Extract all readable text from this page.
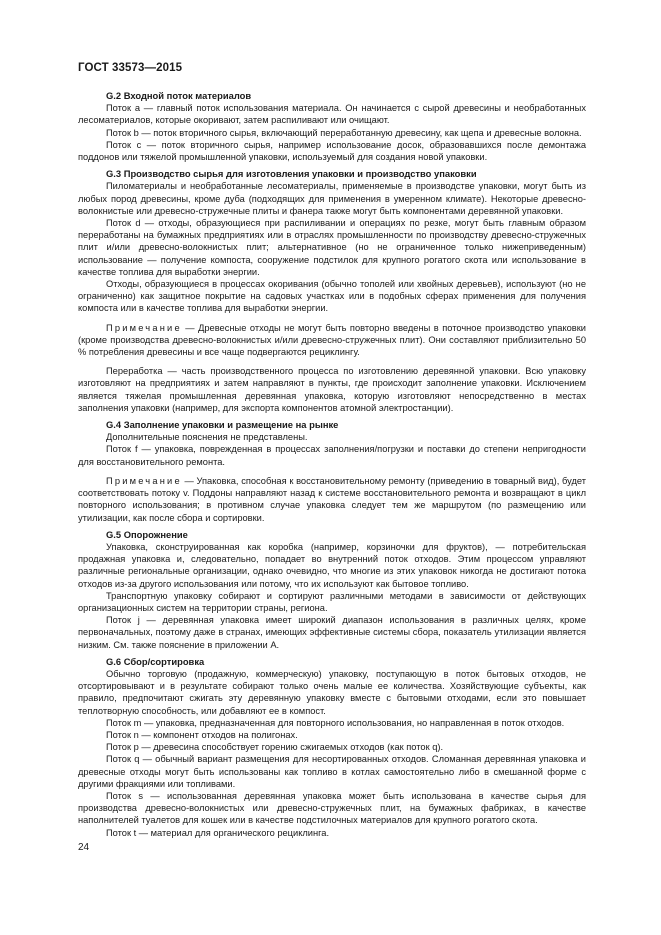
ГОСТ 33573—2015
G.2 Входной поток материалов

Поток a — главный поток использования материала. Он начинается с сырой древесины и необработанных лесоматериалов, которые окоривают, затем распиливают или очищают.

Поток b — поток вторичного сырья, включающий переработанную древесину, как щепа и древесные волокна.

Поток c — поток вторичного сырья, например использование досок, образовавшихся после демонтажа поддонов или тяжелой промышленной упаковки, используемый для создания новой упаковки.

G.3 Производство сырья для изготовления упаковки и производство упаковки

Пиломатериалы и необработанные лесоматериалы, применяемые в производстве упаковки, могут быть из любых пород древесины, кроме дуба (подходящих для применения в умеренном климате). Некоторые древесно-волокнистые или древесно-стружечные плиты и фанера также могут быть компонентами деревянной упаковки.

Поток d — отходы, образующиеся при распиливании и операциях по резке, могут быть главным образом переработаны на бумажных предприятиях или в отраслях промышленности по производству древесно-стружечных плит и/или древесно-волокнистых плит; альтернативное (но не ограниченное только нижеприведенным) использование — получение компоста, сооружение подстилок для крупного рогатого скота или использование в качестве топлива для выработки энергии.

Отходы, образующиеся в процессах окоривания (обычно тополей или хвойных деревьев), используют (но не ограниченно) как защитное покрытие на садовых участках или в подобных сферах применения для получения компоста или в качестве топлива для выработки энергии.

Примечание — Древесные отходы не могут быть повторно введены в поточное производство упаковки (кроме производства древесно-волокнистых и/или древесно-стружечных плит). Они составляют приблизительно 50 % потребления древесины и все чаще подвергаются рециклингу.

Переработка — часть производственного процесса по изготовлению деревянной упаковки. Всю упаковку изготовляют на предприятиях и затем направляют в пункты, где происходит заполнение упаковки. Исключением является тяжелая промышленная деревянная упаковка, которую изготовляют непосредственно в местах заполнения упаковки (например, для экспорта компонентов атомной электростанции).

G.4 Заполнение упаковки и размещение на рынке

Дополнительные пояснения не представлены.

Поток f — упаковка, поврежденная в процессах заполнения/погрузки и поставки до степени непригодности для восстановительного ремонта.

Примечание — Упаковка, способная к восстановительному ремонту (приведению в товарный вид), будет соответствовать потоку v. Поддоны направляют назад к системе восстановительного ремонта и возвращают в цикл повторного использования; в противном случае упаковка следует тем же маршрутом (по размещению или утилизации, как после сбора и сортировки.

G.5 Опорожнение

Упаковка, сконструированная как коробка (например, корзиночки для фруктов), — потребительская продажная упаковка и, следовательно, попадает во внутренний поток отходов. Этим процессом управляют различные региональные организации, однако очевидно, что многие из этих упаковок никогда не достигают потока отходов из-за другого использования или потому, что их используют как бытовое топливо.

Транспортную упаковку собирают и сортируют различными методами в зависимости от действующих организационных систем на территории страны, региона.

Поток j — деревянная упаковка имеет широкий диапазон использования в различных целях, кроме первоначальных, поэтому даже в странах, имеющих эффективные системы сбора, показатель утилизации является низким. См. также пояснение в приложении А.

G.6 Сбор/сортировка

Обычно торговую (продажную, коммерческую) упаковку, поступающую в поток бытовых отходов, не отсортировывают и в результате собирают только очень малые ее количества. Хозяйствующие субъекты, как правило, предпочитают сжигать эту деревянную упаковку вместе с бытовыми отходами, если это повышает теплотворную способность, или добавляют ее в компост.

Поток m — упаковка, предназначенная для повторного использования, но направленная в поток отходов.

Поток n — компонент отходов на полигонах.

Поток p — древесина способствует горению сжигаемых отходов (как поток q).

Поток q — обычный вариант размещения для несортированных отходов. Сломанная деревянная упаковка и древесные отходы могут быть использованы как топливо в котлах самостоятельно либо в смешанной форме с другими фракциями или топливами.

Поток s — использованная деревянная упаковка может быть использована в качестве сырья для производства древесно-волокнистых или древесно-стружечных плит, на бумажных фабриках, в качестве наполнителей туалетов для кошек или в качестве подстилочных материалов для крупного рогатого скота.

Поток t — материал для органического рециклинга.

24
